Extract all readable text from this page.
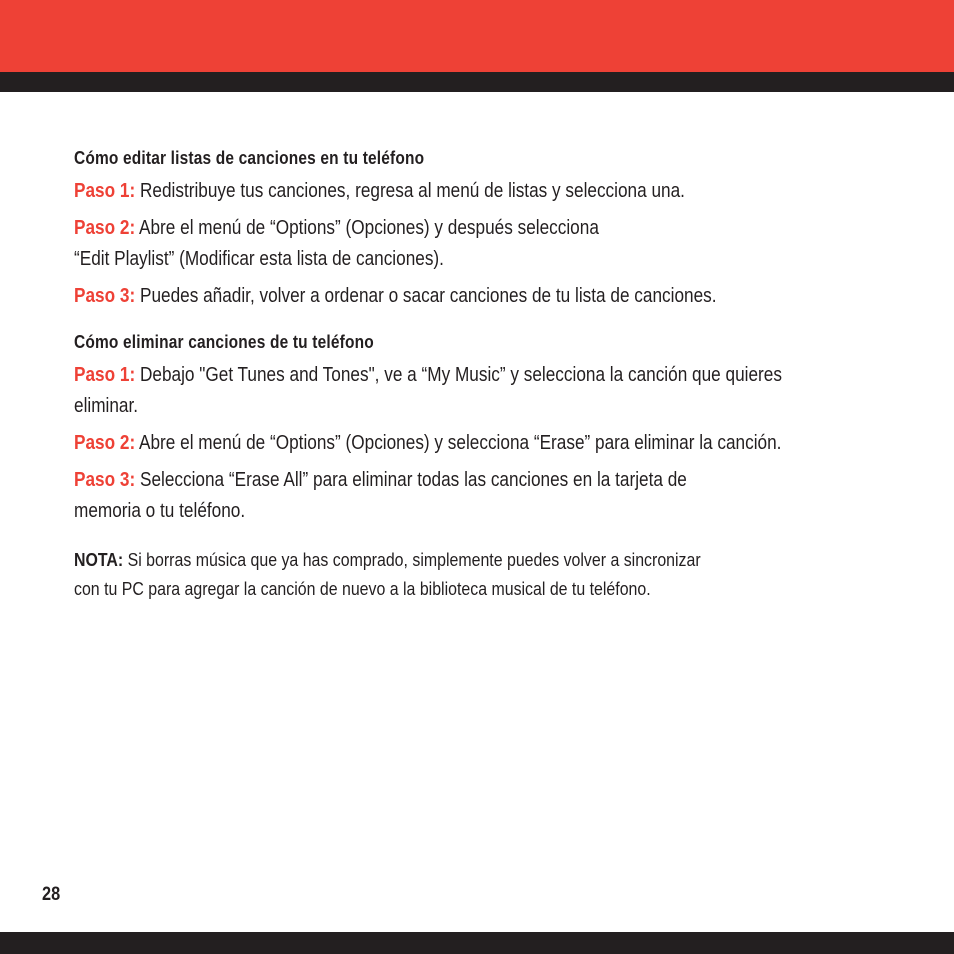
Cómo editar listas de canciones en tu teléfono

Paso 1: Redistribuye tus canciones, regresa al menú de listas y selecciona una.

Paso 2: Abre el menú de “Options” (Opciones) y después selecciona
“Edit Playlist” (Modificar esta lista de canciones).

Paso 3: Puedes añadir, volver a ordenar o sacar canciones de tu lista de canciones.

Cómo eliminar canciones de tu teléfono

Paso 1: Debajo "Get Tunes and Tones", ve a “My Music” y selecciona la canción que quieres
eliminar.

Paso 2: Abre el menú de “Options” (Opciones) y selecciona “Erase” para eliminar la canción.

Paso 3: Selecciona “Erase All” para eliminar todas las canciones en la tarjeta de
memoria o tu teléfono.

NOTA: Si borras música que ya has comprado, simplemente puedes volver a sincronizar
con tu PC para agregar la canción de nuevo a la biblioteca musical de tu teléfono.

28
